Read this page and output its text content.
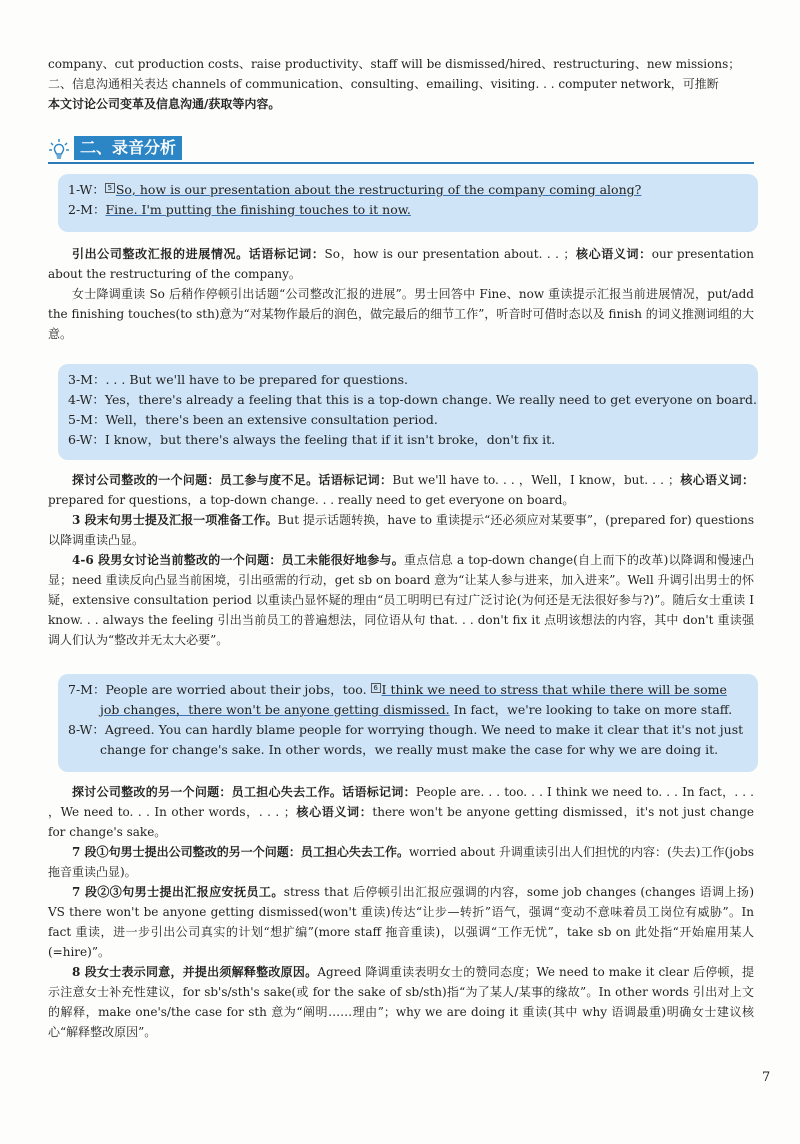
company、cut production costs、raise productivity、staff will be dismissed/hired、restructuring、new missions；

二、信息沟通相关表达 channels of communication、consulting、emailing、visiting. . . computer network，可推断

本文讨论公司变革及信息沟通/获取等内容。

二、录音分析

1-W： 5 So, how is our presentation about the restructuring of the company coming along?

2-M：Fine. I'm putting the finishing touches to it now.

引出公司整改汇报的进展情况。话语标记词：So，how is our presentation about. . . ；核心语义词：our presentation about the restructuring of the company。

女士降调重读 So 后稍作停顿引出话题“公司整改汇报的进展”。男士回答中 Fine、now 重读提示汇报当前进展情况，put/add the finishing touches(to sth)意为“对某物作最后的润色，做完最后的细节工作”，听音时可借时态以及 finish 的词义推测词组的大意。

3-M：. . . But we'll have to be prepared for questions.

4-W：Yes，there's already a feeling that this is a top-down change. We really need to get everyone on board.

5-M：Well，there's been an extensive consultation period.

6-W：I know，but there's always the feeling that if it isn't broke，don't fix it.

探讨公司整改的一个问题：员工参与度不足。话语标记词：But we'll have to. . . ，Well，I know，but. . . ；核心语义词：prepared for questions，a top-down change. . . really need to get everyone on board。

3 段末句男士提及汇报一项准备工作。But 提示话题转换，have to 重读提示“还必须应对某要事”，(prepared for) questions 以降调重读凸显。

4-6 段男女讨论当前整改的一个问题：员工未能很好地参与。重点信息 a top-down change(自上而下的改革)以降调和慢速凸显；need 重读反向凸显当前困境，引出亟需的行动，get sb on board 意为“让某人参与进来，加入进来”。Well 升调引出男士的怀疑，extensive consultation period 以重读凸显怀疑的理由“员工明明已有过广泛讨论(为何还是无法很好参与?)”。随后女士重读 I know. . . always the feeling 引出当前员工的普遍想法，同位语从句 that. . . don't fix it 点明该想法的内容，其中 don't 重读强调人们认为“整改并无太大必要”。

7-M：People are worried about their jobs，too. 6 I think we need to stress that while there will be some

job changes，there won't be anyone getting dismissed. In fact，we're looking to take on more staff.

8-W：Agreed. You can hardly blame people for worrying though. We need to make it clear that it's not just

change for change's sake. In other words，we really must make the case for why we are doing it.

探讨公司整改的另一个问题：员工担心失去工作。话语标记词：People are. . . too. . . I think we need to. . . In fact，. . . ，We need to. . . In other words，. . . ；核心语义词：there won't be anyone getting dismissed，it's not just change for change's sake。

7 段①句男士提出公司整改的另一个问题：员工担心失去工作。worried about 升调重读引出人们担忧的内容：(失去)工作(jobs 拖音重读凸显)。

7 段②③句男士提出汇报应安抚员工。stress that 后停顿引出汇报应强调的内容，some job changes (changes 语调上扬) VS there won't be anyone getting dismissed(won't 重读)传达“让步—转折”语气，强调“变动不意味着员工岗位有威胁”。In fact 重读，进一步引出公司真实的计划“想扩编”(more staff 拖音重读)，以强调“工作无忧”，take sb on 此处指“开始雇用某人(=hire)”。

8 段女士表示同意，并提出须解释整改原因。Agreed 降调重读表明女士的赞同态度；We need to make it clear 后停顿，提示注意女士补充性建议，for sb's/sth's sake(或 for the sake of sb/sth)指“为了某人/某事的缘故”。In other words 引出对上文的解释，make one's/the case for sth 意为“阐明……理由”；why we are doing it 重读(其中 why 语调最重)明确女士建议核心“解释整改原因”。

7
